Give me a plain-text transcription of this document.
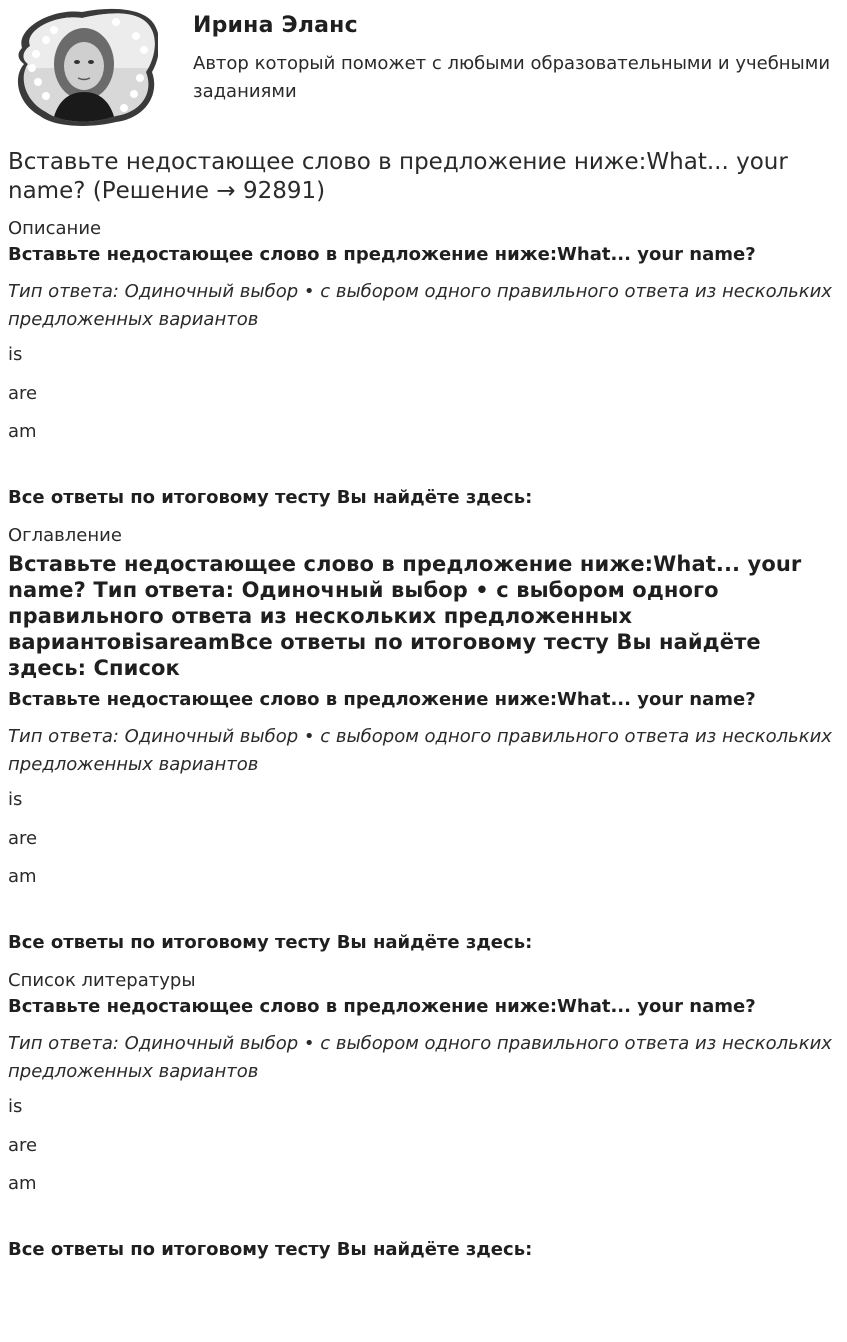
Ирина Эланс

Автор который поможет с любыми образовательными и учебными заданиями

Вставьте недостающее слово в предложение ниже:What... your name? (Решение → 92891)
Описание
Вставьте недостающее слово в предложение ниже:What... your name?
Тип ответа: Одиночный выбор • с выбором одного правильного ответа из нескольких предложенных вариантов
is
are
am
Все ответы по итоговому тесту Вы найдёте здесь:
Оглавление
Вставьте недостающее слово в предложение ниже:What... your name? Тип ответа: Одиночный выбор • с выбором одного правильного ответа из нескольких предложенных вариантовisareamВсе ответы по итоговому тесту Вы найдёте здесь: Список
Вставьте недостающее слово в предложение ниже:What... your name?
Тип ответа: Одиночный выбор • с выбором одного правильного ответа из нескольких предложенных вариантов
is
are
am
Все ответы по итоговому тесту Вы найдёте здесь:
Список литературы
Вставьте недостающее слово в предложение ниже:What... your name?
Тип ответа: Одиночный выбор • с выбором одного правильного ответа из нескольких предложенных вариантов
is
are
am
Все ответы по итоговому тесту Вы найдёте здесь:
